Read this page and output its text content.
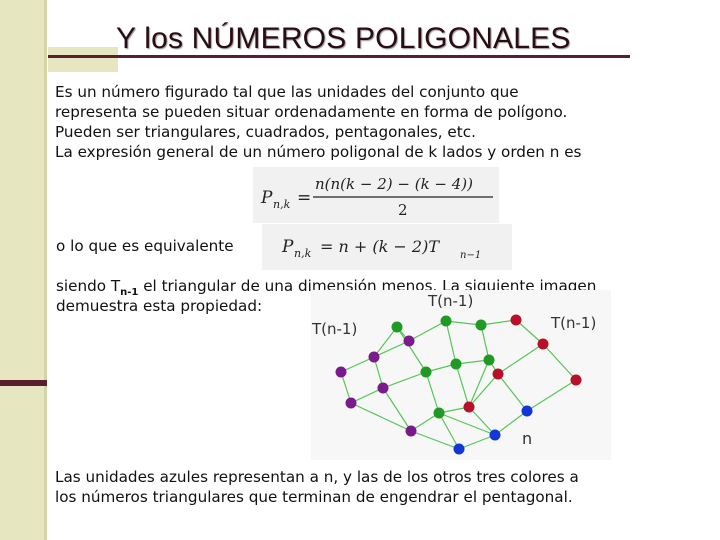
Y los NÚMEROS POLIGONALES
Es un número figurado tal que las unidades del conjunto que
representa se pueden situar ordenadamente en forma de polígono.
Pueden ser triangulares, cuadrados, pentagonales, etc.
La expresión general de un número poligonal de k lados y orden n es
P n,k =
n(n(k − 2) − (k − 4))
2
o lo que es equivalente	P n,k = n + (k − 2)T n−1
siendo $T_{n-1}$ el triangular de una dimensión menos. La siguiente imagen
demuestra esta propiedad:	T(n-1)
T(n-1)	T(n-1)
n
Las unidades azules representan a n, y las de los otros tres colores a
los números triangulares que terminan de engendrar el pentagonal.
